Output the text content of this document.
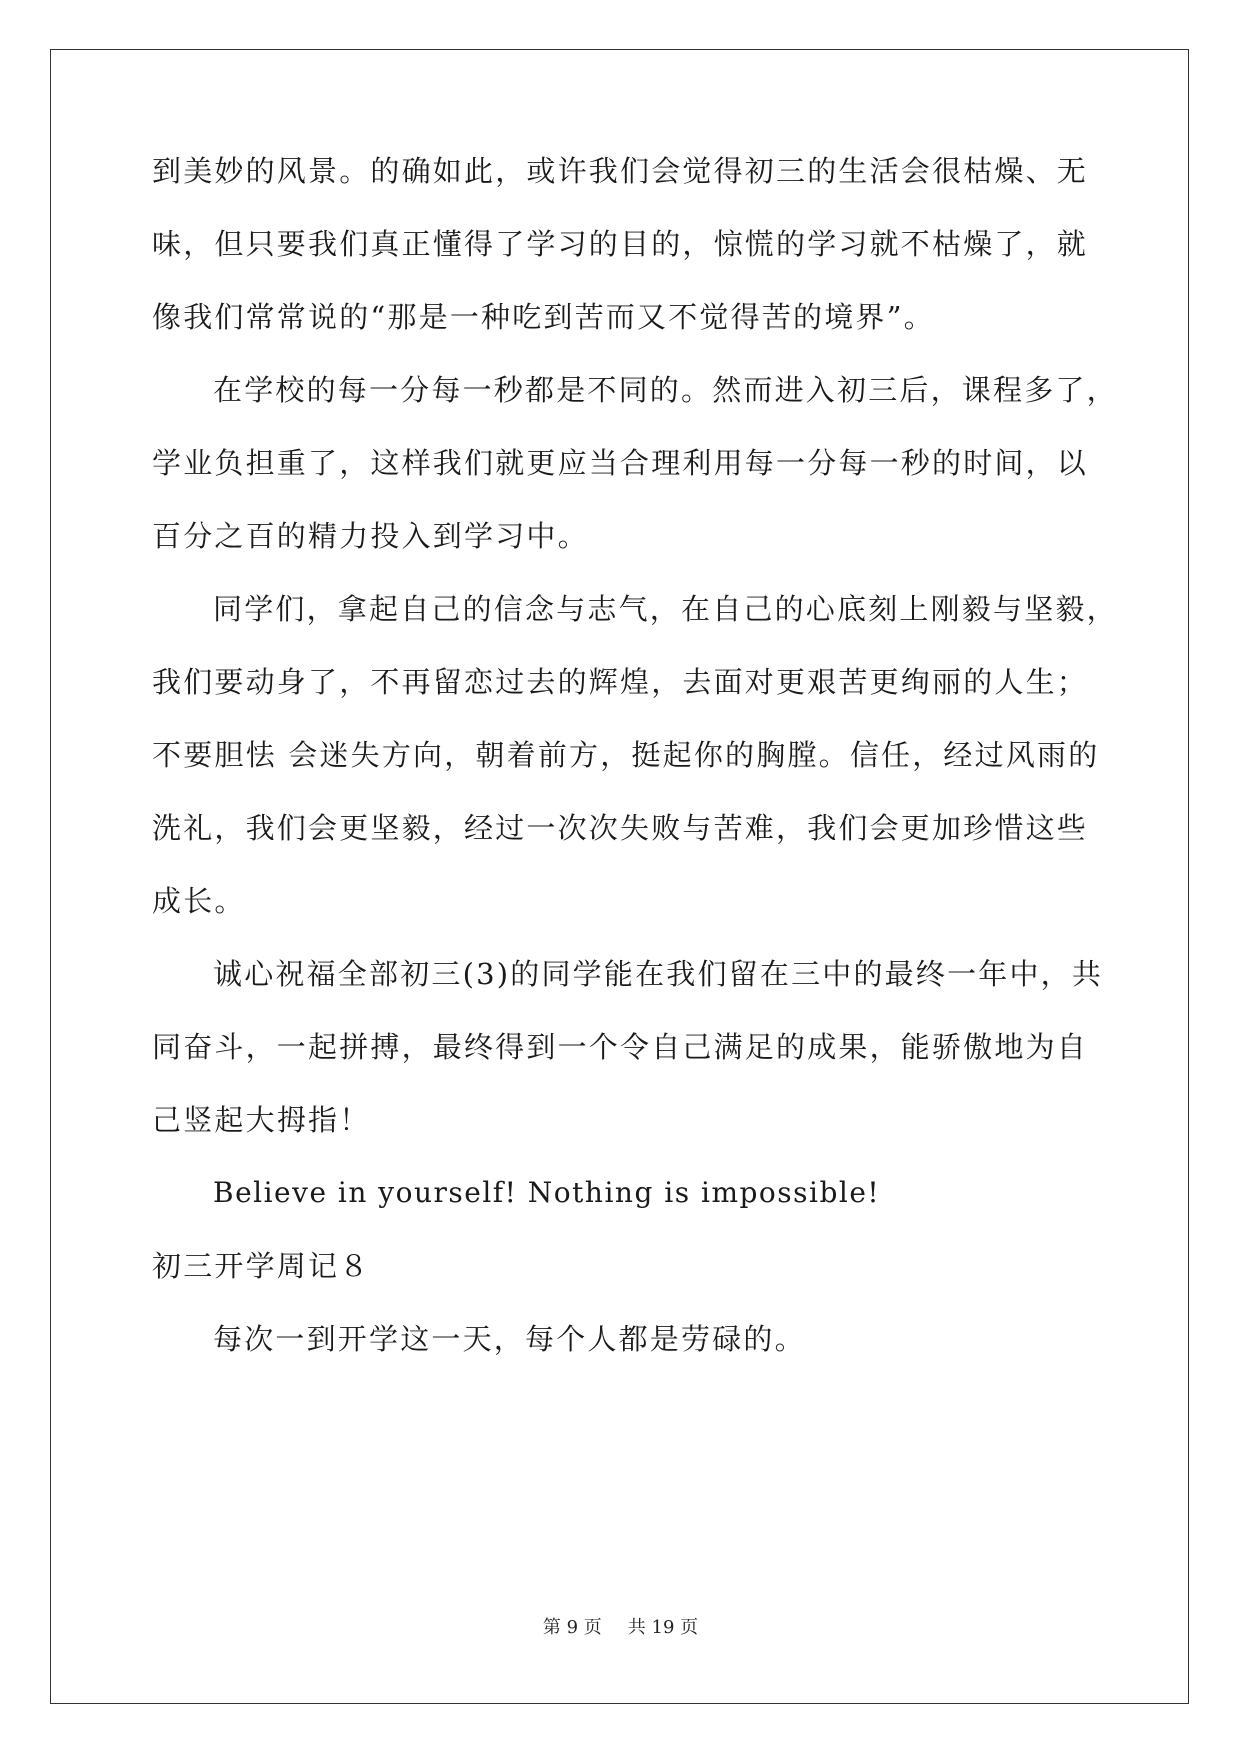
到美妙的风景。的确如此，或许我们会觉得初三的生活会很枯燥、无
味，但只要我们真正懂得了学习的目的，惊慌的学习就不枯燥了，就
像我们常常说的“那是一种吃到苦而又不觉得苦的境界”。
在学校的每一分每一秒都是不同的。然而进入初三后，课程多了，
学业负担重了，这样我们就更应当合理利用每一分每一秒的时间，以
百分之百的精力投入到学习中。
同学们，拿起自己的信念与志气，在自己的心底刻上刚毅与坚毅，
我们要动身了，不再留恋过去的辉煌，去面对更艰苦更绚丽的人生；
不要胆怯 会迷失方向，朝着前方，挺起你的胸膛。信任，经过风雨的
洗礼，我们会更坚毅，经过一次次失败与苦难，我们会更加珍惜这些
成长。
诚心祝福全部初三(3)的同学能在我们留在三中的最终一年中，共
同奋斗，一起拼搏，最终得到一个令自己满足的成果，能骄傲地为自
己竖起大拇指！
Believe in yourself! Nothing is impossible!
初三开学周记８
每次一到开学这一天，每个人都是劳碌的。
第 9 页 共 19 页
